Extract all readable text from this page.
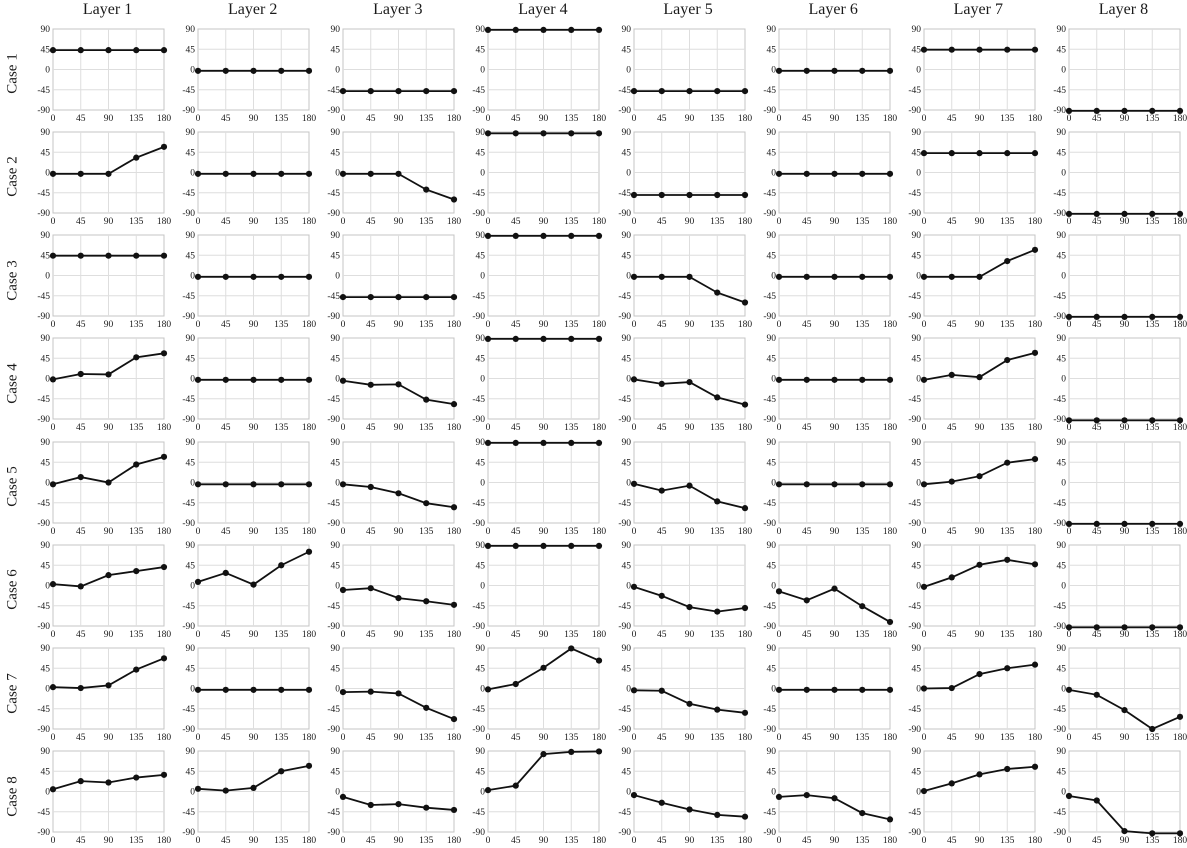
Layer 1	Layer 2	Layer 3	Layer 4	Layer 5	Layer 6	Layer 7	Layer 8
Case 1
-90
-45
0
45
90
0 45 90 135 180
-90
-45
0
45
90
0 45 90 135 180
-90
-45
0
45
90
0 45 90 135 180
-90
-45
0
45
90
0 45 90 135 180
-90
-45
0
45
90
0 45 90 135 180
-90
-45
0
45
90
0 45 90 135 180
-90
-45
0
45
90
0 45 90 135 180
-90
-45
0
45
90
0 45 90 135 180
Case 2
-90
-45
0
45
90
0 45 90 135 180
-90
-45
0
45
90
0 45 90 135 180
-90
-45
0
45
90
0 45 90 135 180
-90
-45
0
45
90
0 45 90 135 180
-90
-45
0
45
90
0 45 90 135 180
-90
-45
0
45
90
0 45 90 135 180
-90
-45
0
45
90
0 45 90 135 180
-90
-45
0
45
90
0 45 90 135 180
Case 3
-90
-45
0
45
90
0 45 90 135 180
-90
-45
0
45
90
0 45 90 135 180
-90
-45
0
45
90
0 45 90 135 180
-90
-45
0
45
90
0 45 90 135 180
-90
-45
0
45
90
0 45 90 135 180
-90
-45
0
45
90
0 45 90 135 180
-90
-45
0
45
90
0 45 90 135 180
-90
-45
0
45
90
0 45 90 135 180
Case 4
-90
-45
0
45
90
0 45 90 135 180
-90
-45
0
45
90
0 45 90 135 180
-90
-45
0
45
90
0 45 90 135 180
-90
-45
0
45
90
0 45 90 135 180
-90
-45
0
45
90
0 45 90 135 180
-90
-45
0
45
90
0 45 90 135 180
-90
-45
0
45
90
0 45 90 135 180
-90
-45
0
45
90
0 45 90 135 180
Case 5
-90
-45
0
45
90
0 45 90 135 180
-90
-45
0
45
90
0 45 90 135 180
-90
-45
0
45
90
0 45 90 135 180
-90
-45
0
45
90
0 45 90 135 180
-90
-45
0
45
90
0 45 90 135 180
-90
-45
0
45
90
0 45 90 135 180
-90
-45
0
45
90
0 45 90 135 180
-90
-45
0
45
90
0 45 90 135 180
Case 6
-90
-45
0
45
90
0 45 90 135 180
-90
-45
0
45
90
0 45 90 135 180
-90
-45
0
45
90
0 45 90 135 180
-90
-45
0
45
90
0 45 90 135 180
-90
-45
0
45
90
0 45 90 135 180
-90
-45
0
45
90
0 45 90 135 180
-90
-45
0
45
90
0 45 90 135 180
-90
-45
0
45
90
0 45 90 135 180
Case 7
-90
-45
0
45
90
0 45 90 135 180
-90
-45
0
45
90
0 45 90 135 180
-90
-45
0
45
90
0 45 90 135 180
-90
-45
0
45
90
0 45 90 135 180
-90
-45
0
45
90
0 45 90 135 180
-90
-45
0
45
90
0 45 90 135 180
-90
-45
0
45
90
0 45 90 135 180
-90
-45
0
45
90
0 45 90 135 180
Case 8
-90
-45
0
45
90
0 45 90 135 180
-90
-45
0
45
90
0 45 90 135 180
-90
-45
0
45
90
0 45 90 135 180
-90
-45
0
45
90
0 45 90 135 180
-90
-45
0
45
90
0 45 90 135 180
-90
-45
0
45
90
0 45 90 135 180
-90
-45
0
45
90
0 45 90 135 180
-90
-45
0
45
90
0 45 90 135 180
